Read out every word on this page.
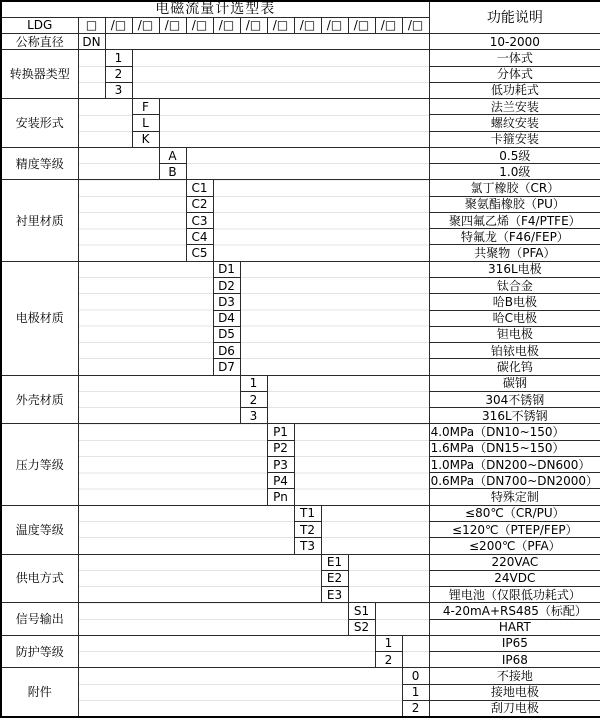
电磁流量计选型表														功能说明
LDG	□	/□	/□	/□	/□	/□	/□	/□	/□	/□	/□	/□	/□	
公称直径	DN													10-2000
转换器类型		1												一体式
		2												分体式
		3												低功耗式
安装形式			F											法兰安装
			L											螺纹安装
			K											卡箍安装
精度等级				A										0.5级
				B										1.0级
衬里材质					C1									氯丁橡胶（CR）
					C2									聚氨酯橡胶（PU）
					C3									聚四氟乙烯（F4/PTFE）
					C4									特氟龙（F46/FEP）
					C5									共聚物（PFA）
电极材质						D1								316L电极
						D2								钛合金
						D3								哈B电极
						D4								哈C电极
						D5								钽电极
						D6								铂铱电极
						D7								碳化钨
外壳材质							1							碳钢
							2							304不锈钢
							3							316L不锈钢
压力等级								P1						4.0MPa（DN10~150）
								P2						1.6MPa（DN15~150）
								P3						1.0MPa（DN200~DN600）
								P4						0.6MPa（DN700~DN2000）
								Pn						特殊定制
温度等级									T1					≤80℃（CR/PU）
									T2					≤120℃（PTEP/FEP）
									T3					≤200℃（PFA）
供电方式										E1				220VAC
										E2				24VDC
										E3				锂电池（仅限低功耗式）
信号输出											S1			4-20mA+RS485（标配）
											S2			HART
防护等级												1		IP65
												2		IP68
附件													0	不接地
													1	接地电极
													2	刮刀电极
